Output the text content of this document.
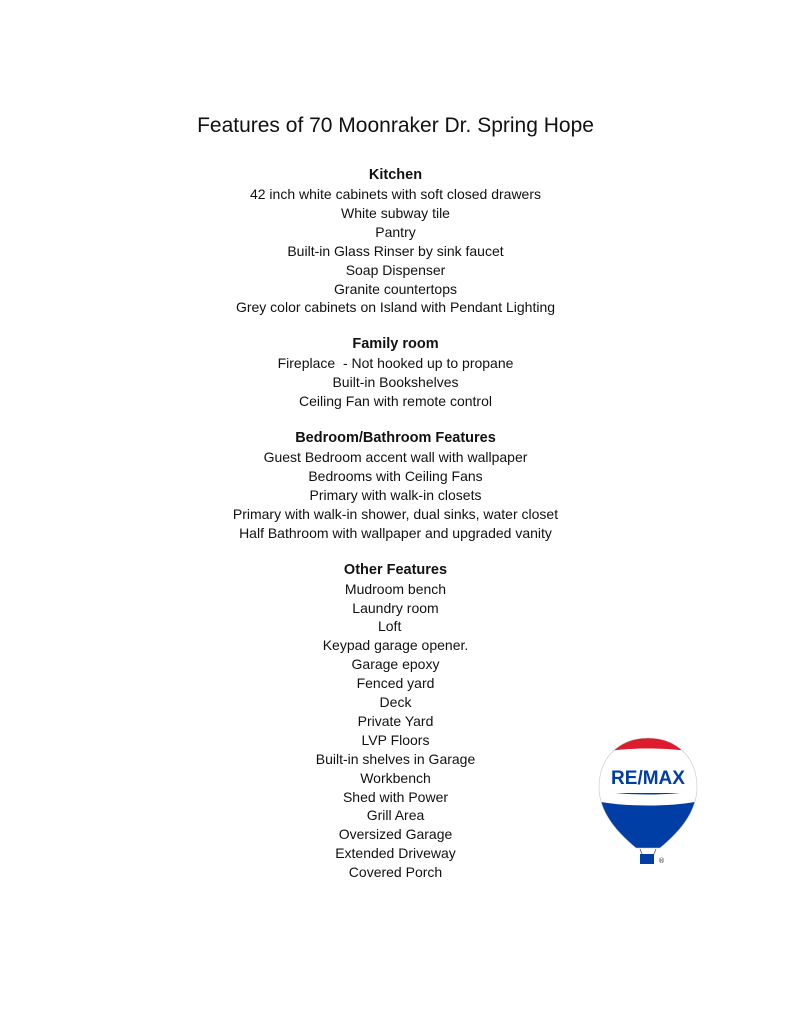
Features of 70 Moonraker Dr. Spring Hope
Kitchen
42 inch white cabinets with soft closed drawers
White subway tile
Pantry
Built-in Glass Rinser by sink faucet
Soap Dispenser
Granite countertops
Grey color cabinets on Island with Pendant Lighting
Family room
Fireplace  - Not hooked up to propane
Built-in Bookshelves
Ceiling Fan with remote control
Bedroom/Bathroom Features
Guest Bedroom accent wall with wallpaper
Bedrooms with Ceiling Fans
Primary with walk-in closets
Primary with walk-in shower, dual sinks, water closet
Half Bathroom with wallpaper and upgraded vanity
Other Features
Mudroom bench
Laundry room
Loft
Keypad garage opener.
Garage epoxy
Fenced yard
Deck
Private Yard
LVP Floors
Built-in shelves in Garage
Workbench
Shed with Power
Grill Area
Oversized Garage
Extended Driveway
Covered Porch
RE/MAX
®
